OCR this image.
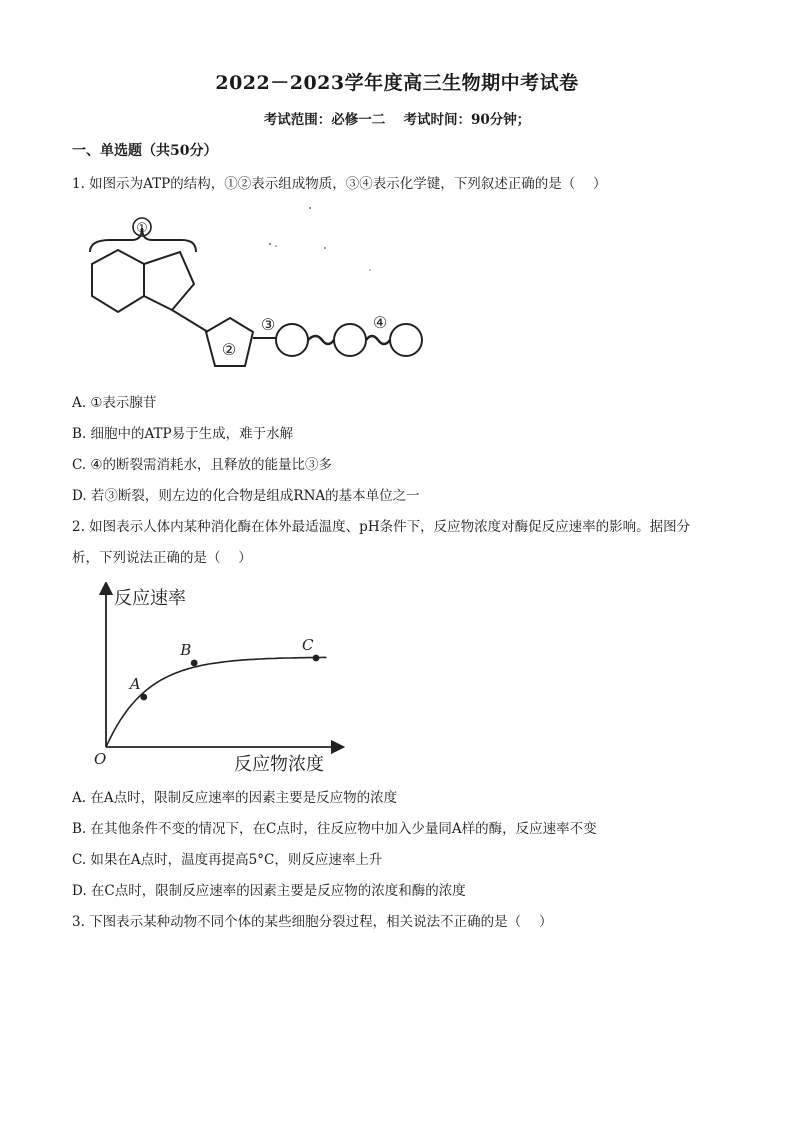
2022－2023学年度高三生物期中考试卷
考试范围：必修一二　 考试时间：90分钟；
一、单选题（共50分）
1. 如图示为ATP的结构，①②表示组成物质，③④表示化学键，下列叙述正确的是（　 ）
①
②
③	④
A. ①表示腺苷
B. 细胞中的ATP易于生成，难于水解
C. ④的断裂需消耗水，且释放的能量比③多
D. 若③断裂，则左边的化合物是组成RNA的基本单位之一
2. 如图表示人体内某种消化酶在体外最适温度、pH条件下，反应物浓度对酶促反应速率的影响。据图分
析，下列说法正确的是（　 ）
反应速率
反应物浓度
O
A
B	C
A. 在A点时，限制反应速率的因素主要是反应物的浓度
B. 在其他条件不变的情况下，在C点时，往反应物中加入少量同A样的酶，反应速率不变
C. 如果在A点时，温度再提高5°C，则反应速率上升
D. 在C点时，限制反应速率的因素主要是反应物的浓度和酶的浓度
3. 下图表示某种动物不同个体的某些细胞分裂过程，相关说法不正确的是（　 ）
